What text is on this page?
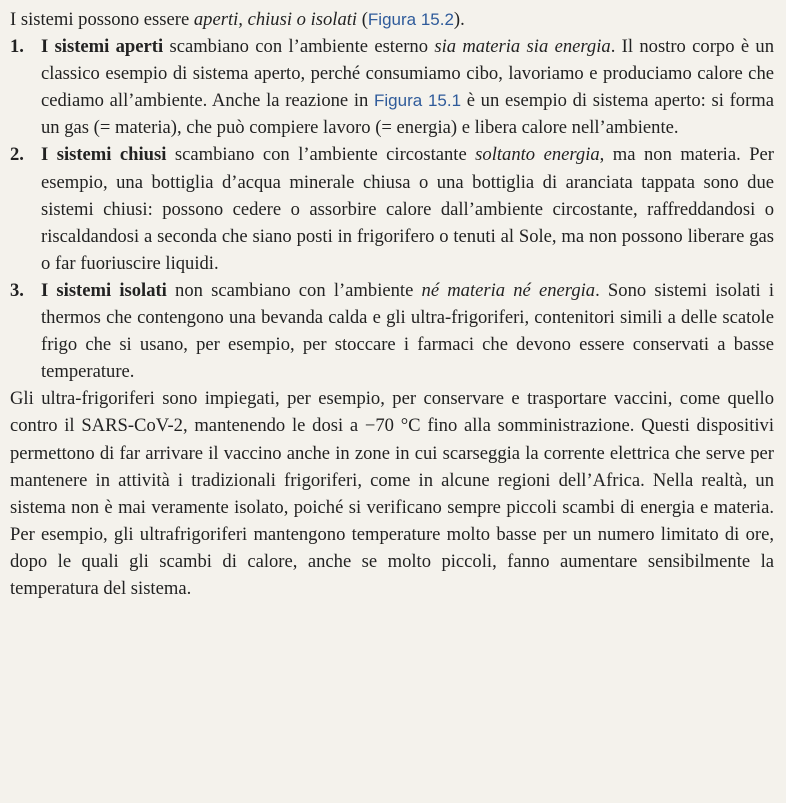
I sistemi possono essere aperti, chiusi o isolati (Figura 15.2).

1. I sistemi aperti scambiano con l’ambiente esterno sia materia sia energia. Il nostro corpo è un classico esempio di sistema aperto, perché consumiamo cibo, lavoriamo e produciamo calore che cediamo all’ambiente. Anche la reazione in Figura 15.1 è un esempio di sistema aperto: si forma un gas (= materia), che può compiere lavoro (= energia) e libera calore nell’ambiente.
2. I sistemi chiusi scambiano con l’ambiente circostante soltanto energia, ma non materia. Per esempio, una bottiglia d’acqua minerale chiusa o una bottiglia di aranciata tappata sono due sistemi chiusi: possono cedere o assorbire calore dall’ambiente circostante, raffreddandosi o riscaldandosi a seconda che siano posti in frigorifero o tenuti al Sole, ma non possono liberare gas o far fuoriuscire liquidi.
3. I sistemi isolati non scambiano con l’ambiente né materia né energia. Sono sistemi isolati i thermos che contengono una bevanda calda e gli ultra-frigoriferi, contenitori simili a delle scatole frigo che si usano, per esempio, per stoccare i farmaci che devono essere conservati a basse temperature.

Gli ultra-frigoriferi sono impiegati, per esempio, per conservare e trasportare vaccini, come quello contro il SARS-CoV-2, mantenendo le dosi a −70 °C fino alla somministrazione. Questi dispositivi permettono di far arrivare il vaccino anche in zone in cui scarseggia la corrente elettrica che serve per mantenere in attività i tradizionali frigoriferi, come in alcune regioni dell’Africa. Nella realtà, un sistema non è mai veramente isolato, poiché si verificano sempre piccoli scambi di energia e materia. Per esempio, gli ultrafrigoriferi mantengono temperature molto basse per un numero limitato di ore, dopo le quali gli scambi di calore, anche se molto piccoli, fanno aumentare sensibilmente la temperatura del sistema.
